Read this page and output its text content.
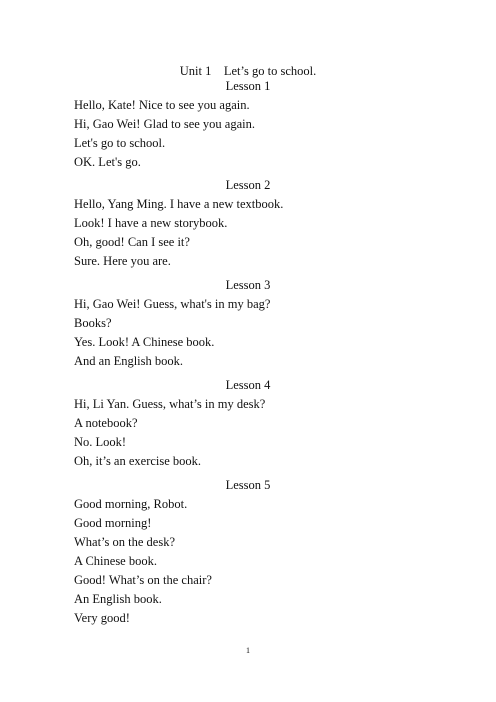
Unit 1    Let’s go to school.

Lesson 1

Hello, Kate! Nice to see you again.

Hi, Gao Wei! Glad to see you again.

Let's go to school.

OK. Let's go.

Lesson 2

Hello, Yang Ming. I have a new textbook.

Look! I have a new storybook.

Oh, good! Can I see it?

Sure. Here you are.

Lesson 3

Hi, Gao Wei! Guess, what's in my bag?

Books?

Yes. Look! A Chinese book.

And an English book.

Lesson 4

Hi, Li Yan. Guess, what’s in my desk?

A notebook?

No. Look!

Oh, it’s an exercise book.

Lesson 5

Good morning, Robot.

Good morning!

What’s on the desk?

A Chinese book.

Good! What’s on the chair?

An English book.

Very good!

1
